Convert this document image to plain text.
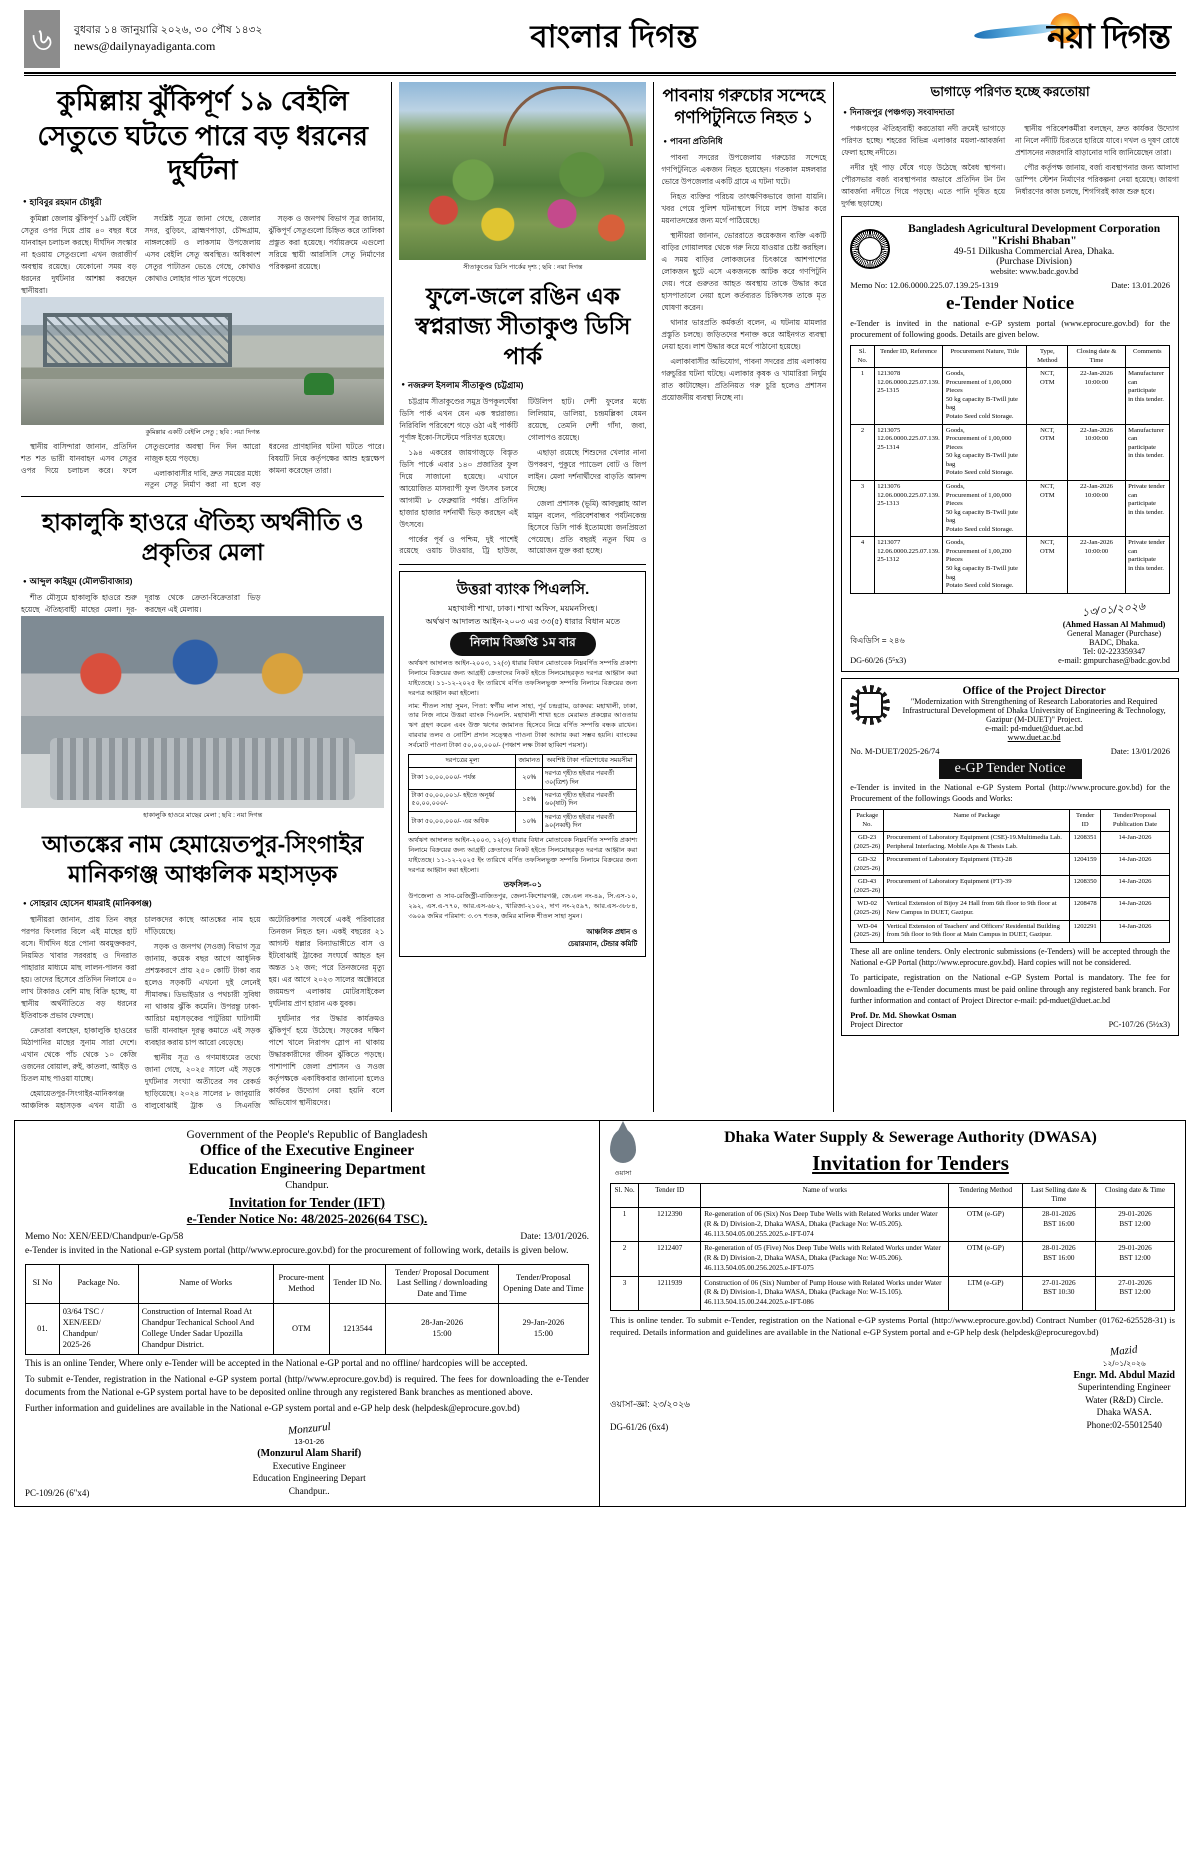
৬	বুধবার ১৪ জানুয়ারি ২০২৬, ৩০ পৌষ ১৪৩২
news@dailynayadiganta.com	বাংলার দিগন্ত	নয়া দিগন্ত
কুমিল্লায় ঝুঁকিপূর্ণ ১৯ বেইলি সেতুতে ঘটতে পারে বড় ধরনের দুর্ঘটনা
● হাবিবুর রহমান চৌধুরী

কুমিল্লা জেলায় ঝুঁকিপূর্ণ ১৯টি বেইলি সেতুর ওপর দিয়ে প্রায় ৪০ বছর ধরে যানবাহন চলাচল করছে। দীর্ঘদিন সংস্কার না হওয়ায় সেতুগুলো এখন জরাজীর্ণ অবস্থায় রয়েছে। যেকোনো সময় বড় ধরনের দুর্ঘটনার আশঙ্কা করছেন স্থানীয়রা।

সংশ্লিষ্ট সূত্রে জানা গেছে, জেলার সদর, বুড়িচং, ব্রাহ্মণপাড়া, চৌদ্দগ্রাম, নাঙ্গলকোট ও লাকসাম উপজেলায় এসব বেইলি সেতু অবস্থিত। অধিকাংশ সেতুর পাটাতন ভেঙে গেছে, কোথাও কোথাও লোহার পাত খুলে পড়েছে।

সড়ক ও জনপথ বিভাগ সূত্র জানায়, ঝুঁকিপূর্ণ সেতুগুলো চিহ্নিত করে তালিকা প্রস্তুত করা হয়েছে। পর্যায়ক্রমে এগুলো সরিয়ে স্থায়ী আরসিসি সেতু নির্মাণের পরিকল্পনা রয়েছে।

কুমিল্লার একটি বেইলি সেতু ; ছবি : নয়া দিগন্ত

স্থানীয় বাসিন্দারা জানান, প্রতিদিন শত শত ভারী যানবাহন এসব সেতুর ওপর দিয়ে চলাচল করে। ফলে সেতুগুলোর অবস্থা দিন দিন আরো নাজুক হয়ে পড়ছে।

এলাকাবাসীর দাবি, দ্রুত সময়ের মধ্যে নতুন সেতু নির্মাণ করা না হলে বড় ধরনের প্রাণহানির ঘটনা ঘটতে পারে। বিষয়টি নিয়ে কর্তৃপক্ষের আশু হস্তক্ষেপ কামনা করেছেন তারা।

হাকালুকি হাওরে ঐতিহ্য অর্থনীতি ও প্রকৃতির মেলা
● আব্দুল কাইয়ূম (মৌলভীবাজার)

শীত মৌসুমে হাকালুকি হাওরে শুরু হয়েছে ঐতিহ্যবাহী মাছের মেলা। দূর-দূরান্ত থেকে ক্রেতা-বিক্রেতারা ভিড় করছেন এই মেলায়।

হাকালুকি হাওরে মাছের মেলা ; ছবি : নয়া দিগন্ত
আতঙ্কের নাম হেমায়েতপুর-সিংগাইর মানিকগঞ্জ আঞ্চলিক মহাসড়ক
● সোহরাব হোসেন ধামরাই (মানিকগঞ্জ)

স্থানীয়রা জানান, প্রায় তিন বছর পরপর ফিংলার বিলে এই মাছের হাট বসে। দীর্ঘদিন ধরে পোনা অবমুক্তকরণ, নিয়মিত খাবার সরবরাহ ও দিনরাত পাহারার মাধ্যমে মাছ লালন-পালন করা হয়। তাদের হিসেবে প্রতিদিন নিলামে ৫০ লাখ টাকারও বেশি মাছ বিক্রি হচ্ছে, যা স্থানীয় অর্থনীতিতে বড় ধরনের ইতিবাচক প্রভাব ফেলছে।

ক্রেতারা বলছেন, হাকালুকি হাওরের মিঠাপানির মাছের সুনাম সারা দেশে। এখান থেকে পাঁচ থেকে ১০ কেজি ওজনের বোয়াল, রুই, কাতলা, আইড় ও চিতল মাছ পাওয়া যাচ্ছে।

হেমায়েতপুর-সিংগাইর-মানিকগঞ্জ আঞ্চলিক মহাসড়ক এখন যাত্রী ও চালকদের কাছে আতঙ্কের নাম হয়ে দাঁড়িয়েছে।

সড়ক ও জনপথ (সওজ) বিভাগ সূত্র জানায়, কয়েক বছর আগে আধুনিক প্রশস্তকরণে প্রায় ২৫০ কোটি টাকা ব্যয় হলেও সড়কটি এখনো দুই লেনেই সীমাবদ্ধ। ডিভাইডার ও পথচারী সুবিধা না থাকায় ঝুঁকি কমেনি। উপরন্তু ঢাকা-আরিচা মহাসড়কের পাটুরিয়া ঘাটগামী ভারী যানবাহন দূরত্ব কমাতে এই সড়ক ব্যবহার করায় চাপ আরো বেড়েছে।

স্থানীয় সূত্র ও গণমাধ্যমের তথ্যে জানা গেছে, ২০২৫ সালে এই সড়কে দুর্ঘটনার সংখ্যা অতীতের সব রেকর্ড ছাড়িয়েছে। ২০২৪ সালের ৮ জানুয়ারি বালুবোঝাই ট্রাক ও সিএনজি অটোরিকশার সংঘর্ষে একই পরিবারের তিনজন নিহত হন। একই বছরের ২১ আগস্ট ধল্লার বিন্যাভাঙ্গীতে বাস ও ইটবোঝাই ট্রাকের সংঘর্ষে আহত হন অন্তত ১২ জন; পরে তিনজনের মৃত্যু হয়। এর আগে ২০২৩ সালের অক্টোবরে জয়মন্ডপ এলাকায় মোটরসাইকেল দুর্ঘটনায় প্রাণ হারান এক যুবক।

দুর্ঘটনার পর উদ্ধার কার্যক্রমও ঝুঁকিপূর্ণ হয়ে উঠেছে। সড়কের দক্ষিণ পাশে খালে নিরাপদ স্লোপ না থাকায় উদ্ধারকারীদের জীবন ঝুঁকিতে পড়ছে। পাশাপাশি জেলা প্রশাসন ও সওজ কর্তৃপক্ষকে একাধিকবার জানানো হলেও কার্যকর উদ্যোগ নেয়া হয়নি বলে অভিযোগ স্থানীয়দের।

সীতাকুণ্ডের ডিসি পার্কের দৃশ্য ; ছবি : নয়া দিগন্ত
ফুলে-জলে রঙিন এক স্বপ্নরাজ্য সীতাকুণ্ড ডিসি পার্ক
● নজরুল ইসলাম সীতাকুণ্ড (চট্টগ্রাম)

চট্টগ্রাম সীতাকুণ্ডের সমুদ্র উপকূলঘেঁষা ডিসি পার্ক এখন যেন এক স্বপ্নরাজ্য। নিরিবিলি পরিবেশে গড়ে ওঠা এই পার্কটি পূর্ণাঙ্গ ইকো-সিস্টেমে পরিণত হয়েছে।

১৯৪ একরের জায়গাজুড়ে বিস্তৃত ডিসি পার্কে এবার ১৪০ প্রজাতির ফুল দিয়ে সাজানো হয়েছে। এখানে আয়োজিত মাসব্যাপী ফুল উৎসব চলবে আগামী ৮ ফেব্রুয়ারি পর্যন্ত। প্রতিদিন হাজার হাজার দর্শনার্থী ভিড় করছেন এই উৎসবে।

পার্কের পূর্ব ও পশ্চিম, দুই পাশেই রয়েছে ওয়াচ টাওয়ার, ট্রি হাউজ, টিউলিপ হাট। দেশী ফুলের মধ্যে লিলিয়াম, ডালিয়া, চন্দ্রমল্লিকা যেমন রয়েছে, তেমনি দেশী গাঁদা, জবা, গোলাপও রয়েছে।

এছাড়া রয়েছে শিশুদের খেলার নানা উপকরণ, পুকুরে প্যাডেল বোট ও জিপ লাইন। মেলা দর্শনার্থীদের বাড়তি আনন্দ দিচ্ছে।

জেলা প্রশাসক (ভূমি) আবদুল্লাহ আল মামুন বলেন, পরিবেশবান্ধব পর্যটনকেন্দ্র হিসেবে ডিসি পার্ক ইতোমধ্যে জনপ্রিয়তা পেয়েছে। প্রতি বছরই নতুন থিম ও আয়োজন যুক্ত করা হচ্ছে।

উত্তরা ব্যাংক পিএলসি.
মহাখালী শাখা, ঢাকা। শাখা অফিস, ময়মনসিংহ।
অর্থঋণ আদালত আইন-২০০৩ এর ৩৩(৫) ধারার বিধান মতে
নিলাম বিজ্ঞপ্তি ১ম বার
অর্থঋণ আদালত আইন-২০০৩, ১২(৩) ধারার বিধান মোতাবেক নিম্নবর্ণিত সম্পত্তি প্রকাশ্য নিলামে বিক্রয়ের জন্য আগ্রহী ক্রেতাদের নিকট হইতে সিলমোহরকৃত দরপত্র আহ্বান করা যাইতেছে। ১১-১২-২০২৫ ইং তারিখে বর্ণিত তফসিলভুক্ত সম্পত্তি নিলামে বিক্রয়ের জন্য দরপত্র আহ্বান করা হইলো।
নাম: শীতল সাহা সুমন, পিতা: স্বর্গীয় লাল সাহা, পূর্ব চন্দ্রগ্রাম, ডাকঘর: মহাখালী, ঢাকা, তার নিজ নামে উত্তরা ব্যাংক পিএলসি. মহাখালী শাখা হতে মেরামত প্রকল্পের আওতায় ঋণ গ্রহণ করেন এবং উক্ত ঋণের জামানত হিসেবে নিম্নে বর্ণিত সম্পত্তি বন্ধক রাখেন। বারবার তলব ও নোটিশ প্রদান সত্ত্বেও পাওনা টাকা আদায় করা সম্ভব হয়নি। ব্যাংকের সর্বমোট পাওনা টাকা ৫০,০০,০০০/- (পঞ্চাশ লক্ষ টাকা ছাব্বিশ পয়সা)।
দরপত্রের মূল্য	জামানত	অবশিষ্ট টাকা পরিশোধের সময়সীমা
টাকা ১০,০০,০০০/- পর্যন্ত	২০%	দরপত্র গৃহীত হইবার পরবর্তী ৩০(ত্রিশ) দিন
টাকা ৫০,০০,০০১/- হইতে অনূর্ধ্ব ৫০,০০,০০০/-	১৫%	দরপত্র গৃহীত হইবার পরবর্তী ৬০(ষাট) দিন
টাকা ৫০,০০,০০০/- এর অধিক	১০%	দরপত্র গৃহীত হইবার পরবর্তী ৯০(নব্বই) দিন
অর্থঋণ আদালত আইন-২০০৩, ১২(৩) ধারার বিধান মোতাবেক নিম্নবর্ণিত সম্পত্তি প্রকাশ্য নিলামে বিক্রয়ের জন্য আগ্রহী ক্রেতাদের নিকট হইতে সিলমোহরকৃত দরপত্র আহ্বান করা যাইতেছে। ১১-১২-২০২৫ ইং তারিখে বর্ণিত তফসিলভুক্ত সম্পত্তি নিলামে বিক্রয়ের জন্য দরপত্র আহ্বান করা হইলো।
তফসিল-০১
উপজেলা ও সাব-রেজিস্ট্রী-বাজিতপুর, জেলা-কিশোরগঞ্জ, জে.এল নং-৪৯, সি.এস-১০, ২৯২, এস.এ-৭৭০, আর.এস-৬৮২, খারিজা-২১০২, দাগ নং-২৫৯৭, আর.এস-৩৮৮৪, ৩৯০৯ জমির পরিমাণ: ৩.৩৭ শতক, জমির মালিক শীতল সাহা সুমন।
আঞ্চলিক প্রধান ও
চেয়ারম্যান, টেন্ডার কমিটি
পাবনায় গরুচোর সন্দেহে গণপিটুনিতে নিহত ১
● পাবনা প্রতিনিধি

পাবনা সদরের উপজেলায় গরুচোর সন্দেহে গণপিটুনিতে একজন নিহত হয়েছেন। গতকাল মঙ্গলবার ভোরে উপজেলার একটি গ্রামে এ ঘটনা ঘটে।

নিহত ব্যক্তির পরিচয় তাৎক্ষণিকভাবে জানা যায়নি। খবর পেয়ে পুলিশ ঘটনাস্থলে গিয়ে লাশ উদ্ধার করে ময়নাতদন্তের জন্য মর্গে পাঠিয়েছে।

স্থানীয়রা জানান, ভোররাতে কয়েকজন ব্যক্তি একটি বাড়ির গোয়ালঘর থেকে গরু নিয়ে যাওয়ার চেষ্টা করছিল। এ সময় বাড়ির লোকজনের চিৎকারে আশপাশের লোকজন ছুটে এসে একজনকে আটক করে গণপিটুনি দেয়। পরে গুরুতর আহত অবস্থায় তাকে উদ্ধার করে হাসপাতালে নেয়া হলে কর্তব্যরত চিকিৎসক তাকে মৃত ঘোষণা করেন।

থানার ভারপ্রতি কর্মকর্তা বলেন, এ ঘটনায় মামলার প্রস্তুতি চলছে। জড়িতদের শনাক্ত করে আইনগত ব্যবস্থা নেয়া হবে। লাশ উদ্ধার করে মর্গে পাঠানো হয়েছে।

এলাকাবাসীর অভিযোগ, পাবনা সদরের প্রায় এলাকায় গরুচুরির ঘটনা ঘটছে। এলাকার কৃষক ও খামারিরা নির্ঘুম রাত কাটাচ্ছেন। প্রতিনিয়ত গরু চুরি হলেও প্রশাসন প্রয়োজনীয় ব্যবস্থা নিচ্ছে না।

ভাগাড়ে পরিণত হচ্ছে করতোয়া
● দিনাজপুর (পঞ্চগড়) সংবাদদাতা

পঞ্চগড়ের ঐতিহ্যবাহী করতোয়া নদী ক্রমেই ভাগাড়ে পরিণত হচ্ছে। শহরের বিভিন্ন এলাকার ময়লা-আবর্জনা ফেলা হচ্ছে নদীতে।

নদীর দুই পাড় ঘেঁষে গড়ে উঠেছে অবৈধ স্থাপনা। পৌরসভার বর্জ্য ব্যবস্থাপনার অভাবে প্রতিদিন টন টন আবর্জনা নদীতে গিয়ে পড়ছে। এতে পানি দূষিত হয়ে দুর্গন্ধ ছড়াচ্ছে।

স্থানীয় পরিবেশকর্মীরা বলছেন, দ্রুত কার্যকর উদ্যোগ না নিলে নদীটি চিরতরে হারিয়ে যাবে। দখল ও দূষণ রোধে প্রশাসনের নজরদারি বাড়ানোর দাবি জানিয়েছেন তারা।

পৌর কর্তৃপক্ষ জানায়, বর্জ্য ব্যবস্থাপনার জন্য আলাদা ডাম্পিং স্টেশন নির্মাণের পরিকল্পনা নেয়া হয়েছে। জায়গা নির্ধারণের কাজ চলছে, শিগগিরই কাজ শুরু হবে।

Bangladesh Agricultural Development Corporation
"Krishi Bhaban"
49-51 Dilkusha Commercial Area, Dhaka.
(Purchase Division)
website: www.badc.gov.bd
Memo No: 12.06.0000.225.07.139.25-1319	Date: 13.01.2026
e-Tender Notice
e-Tender is invited in the national e-GP system portal (www.eprocure.gov.bd) for the procurement of following goods. Details are given below.
Sl. No.	Tender ID, Reference	Procurement Nature, Title	Type, Method	Closing date & Time	Comments
1	1213078
12.06.0000.225.07.139.
25-1315	Goods,
Procurement of 1,00,000 Pieces
50 kg capacity B-Twill jute bag
Potato Seed cold Storage.	NCT,
OTM	22-Jan-2026
10:00:00	Manufacturer
can participate
in this tender.
2	1213075
12.06.0000.225.07.139.
25-1314	Goods,
Procurement of 1,00,000 Pieces
50 kg capacity B-Twill jute bag
Potato Seed cold Storage.	NCT,
OTM	22-Jan-2026
10:00:00	Manufacturer
can participate
in this tender.
3	1213076
12.06.0000.225.07.139.
25-1313	Goods,
Procurement of 1,00,000 Pieces
50 kg capacity B-Twill jute bag
Potato Seed cold Storage.	NCT,
OTM	22-Jan-2026
10:00:00	Private tender
can participate
in this tender.
4	1213077
12.06.0000.225.07.139.
25-1312	Goods,
Procurement of 1,00,200 Pieces
50 kg capacity B-Twill jute bag
Potato Seed cold Storage.	NCT,
OTM	22-Jan-2026
10:00:00	Private tender
can participate
in this tender.
বিএডিসি = ২৪৬
DG-60/26 (5⁵x3)
১৩/০১/২০২৬
(Ahmed Hassan Al Mahmud)
General Manager (Purchase)
BADC, Dhaka.
Tel: 02-223359347
e-mail: gmpurchase@badc.gov.bd
Office of the Project Director
"Modernization with Strengthening of Research Laboratories and Required Infrastructural Development of Dhaka University of Engineering & Technology, Gazipur (M-DUET)" Project.
e-mail: pd-mduet@duet.ac.bd
www.duet.ac.bd
No. M-DUET/2025-26/74	Date: 13/01/2026
e-GP Tender Notice
e-Tender is invited in the National e-GP System Portal (http://www.procure.gov.bd) for the Procurement of the followings Goods and Works:
Package No.	Name of Package	Tender ID	Tender/Proposal Publication Date
GD-23
(2025-26)	Procurement of Laboratory Equipment (CSE)-19.Multimedia Lab. Peripheral Interfacing. Mobile Aps & Thesis Lab.	1208351	14-Jan-2026
GD-32
(2025-26)	Procurement of Laboratory Equipment (TE)-28	1204159	14-Jan-2026
GD-43
(2025-26)	Procurement of Laboratory Equipment (FT)-39	1208350	14-Jan-2026
WD-02
(2025-26)	Vertical Extension of Bijoy 24 Hall from 6th floor to 9th floor at New Campus in DUET, Gazipur.	1208478	14-Jan-2026
WD-04
(2025-26)	Vertical Extension of Teachers' and Officers' Residential Building from 5th floor to 9th floor at Main Campus in DUET, Gazipur.	1202291	14-Jan-2026
These all are online tenders. Only electronic submissions (e-Tenders) will be accepted through the National e-GP Portal (http://www.eprocure.gov.bd). Hard copies will not be considered.
To participate, registration on the National e-GP System Portal is mandatory. The fee for downloading the e-Tender documents must be paid online through any registered bank branch. For further information and contact of Project Director e-mail: pd-mduet@duet.ac.bd
Prof. Dr. Md. Showkat Osman
Project Director	PC-107/26 (5½x3)
Government of the People's Republic of Bangladesh
Office of the Executive Engineer
Education Engineering Department
Chandpur.
Invitation for Tender (IFT)
e-Tender Notice No: 48/2025-2026(64 TSC).
Memo No: XEN/EED/Chandpur/e-Gp/58	Date: 13/01/2026.
e-Tender is invited in the National e-GP system portal (http//www.eprocure.gov.bd) for the procurement of following work, details is given below.
SI No	Package No.	Name of Works	Procure-ment Method	Tender ID No.	Tender/ Proposal Document Last Selling / downloading Date and Time	Tender/Proposal Opening Date and Time
01.	03/64 TSC /
XEN/EED/
Chandpur/
2025-26	Construction of Internal Road At Chandpur Techanical School And College Under Sadar Upozilla Chandpur District.	OTM	1213544	28-Jan-2026
15:00	29-Jan-2026
15:00
This is an online Tender, Where only e-Tender will be accepted in the National e-GP portal and no offline/ hardcopies will be accepted.
To submit e-Tender, registration in the National e-GP system portal (http//www.eprocure.gov.bd) is required. The fees for downloading the e-Tender documents from the National e-GP system portal have to be deposited online through any registered Bank branches as mentioned above.
Further information and guidelines are available in the National e-GP system portal and e-GP help desk (helpdesk@eprocure.gov.bd)
PC-109/26 (6"x4)
Monzurul
13-01-26
(Monzurul Alam Sharif)
Executive Engineer
Education Engineering Depart
Chandpur..
ওয়াসা
Dhaka Water Supply & Sewerage Authority (DWASA)
Invitation for Tenders
Sl. No.	Tender ID	Name of works	Tendering Method	Last Selling date & Time	Closing date & Time
1	1212390	Re-generation of 06 (Six) Nos Deep Tube Wells with Related Works under Water (R & D) Division-2, Dhaka WASA, Dhaka (Package No: W-05.205).
46.113.504.05.00.255.2025.e-IFT-074	OTM (e-GP)	28-01-2026
BST 16:00	29-01-2026
BST 12:00
2	1212407	Re-generation of 05 (Five) Nos Deep Tube Wells with Related Works under Water (R & D) Division-2, Dhaka WASA, Dhaka (Package No: W-05.206).
46.113.504.05.00.256.2025.e-IFT-075	OTM (e-GP)	28-01-2026
BST 16:00	29-01-2026
BST 12:00
3	1211939	Construction of 06 (Six) Number of Pump House with Related Works under Water (R & D) Division-1, Dhaka WASA, Dhaka (Package No: W-15.105).
46.113.504.15.00.244.2025.e-IFT-086	LTM (e-GP)	27-01-2026
BST 10:30	27-01-2026
BST 12:00
This is online tender. To submit e-Tender, registration on the National e-GP systems Portal (http://www.eprocure.gov.bd) Contract Number (01762-625528-31) is required. Details information and guidelines are available in the National e-GP System portal and e-GP help desk (helpdesk@eprocuregov.bd)
ওয়াসা-জ্ঞা: ২৩/২০২৬
DG-61/26 (6x4)
Mazid
১২/০১/২০২৬
Engr. Md. Abdul Mazid
Superintending Engineer
Water (R&D) Circle.
Dhaka WASA.
Phone:02-55012540
